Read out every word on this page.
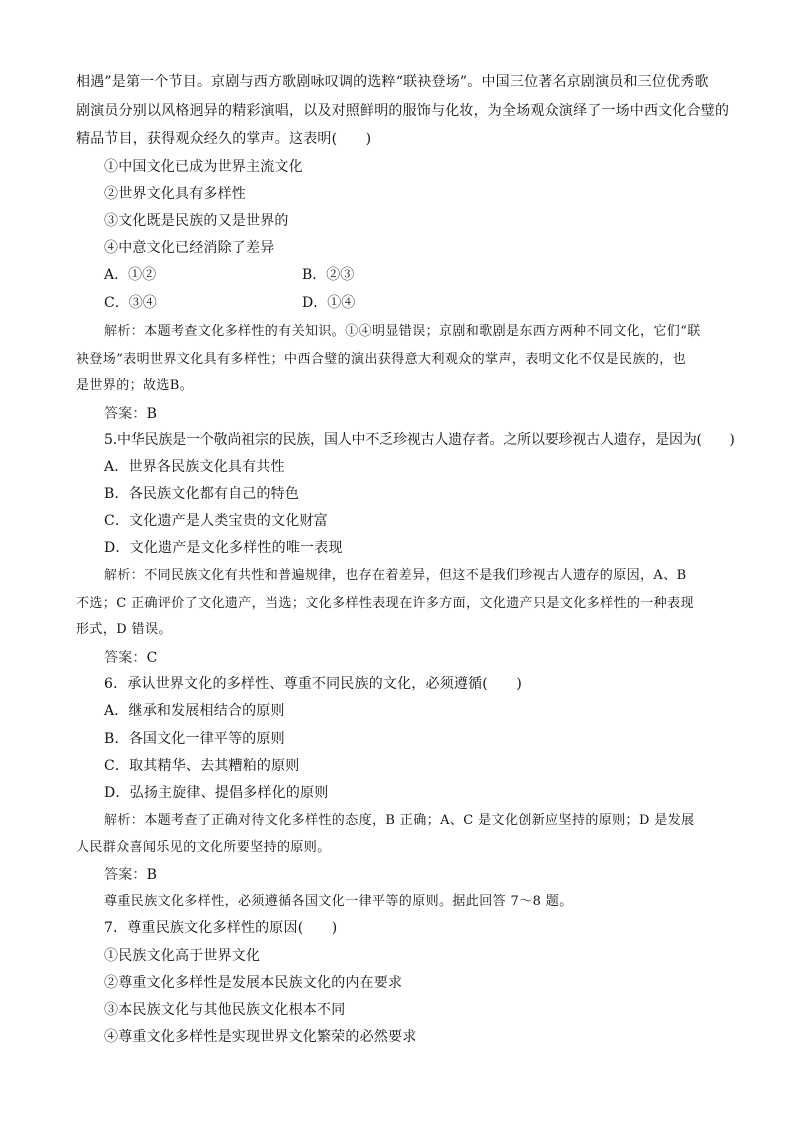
相遇”是第一个节目。京剧与西方歌剧咏叹调的选粹“联袂登场”。中国三位著名京剧演员和三位优秀歌
剧演员分别以风格迥异的精彩演唱，以及对照鲜明的服饰与化妆，为全场观众演绎了一场中西文化合璧的
精品节目，获得观众经久的掌声。这表明(　　)
①中国文化已成为世界主流文化
②世界文化具有多样性
③文化既是民族的又是世界的
④中意文化已经消除了差异
A．①②	B．②③
C．③④	D．①④
解析：本题考查文化多样性的有关知识。①④明显错误；京剧和歌剧是东西方两种不同文化，它们“联
袂登场”表明世界文化具有多样性；中西合璧的演出获得意大利观众的掌声，表明文化不仅是民族的，也
是世界的；故选B。
答案：B
5.中华民族是一个敬尚祖宗的民族，国人中不乏珍视古人遗存者。之所以要珍视古人遗存，是因为(　　)
A．世界各民族文化具有共性
B．各民族文化都有自己的特色
C．文化遗产是人类宝贵的文化财富
D．文化遗产是文化多样性的唯一表现
解析：不同民族文化有共性和普遍规律，也存在着差异，但这不是我们珍视古人遗存的原因，A、B
不选；C 正确评价了文化遗产，当选；文化多样性表现在许多方面，文化遗产只是文化多样性的一种表现
形式，D 错误。
答案：C
6．承认世界文化的多样性、尊重不同民族的文化，必须遵循(　　)
A．继承和发展相结合的原则
B．各国文化一律平等的原则
C．取其精华、去其糟粕的原则
D．弘扬主旋律、提倡多样化的原则
解析：本题考查了正确对待文化多样性的态度，B 正确；A、C 是文化创新应坚持的原则；D 是发展
人民群众喜闻乐见的文化所要坚持的原则。
答案：B
尊重民族文化多样性，必须遵循各国文化一律平等的原则。据此回答 7～8 题。
7．尊重民族文化多样性的原因(　　)
①民族文化高于世界文化
②尊重文化多样性是发展本民族文化的内在要求
③本民族文化与其他民族文化根本不同
④尊重文化多样性是实现世界文化繁荣的必然要求
